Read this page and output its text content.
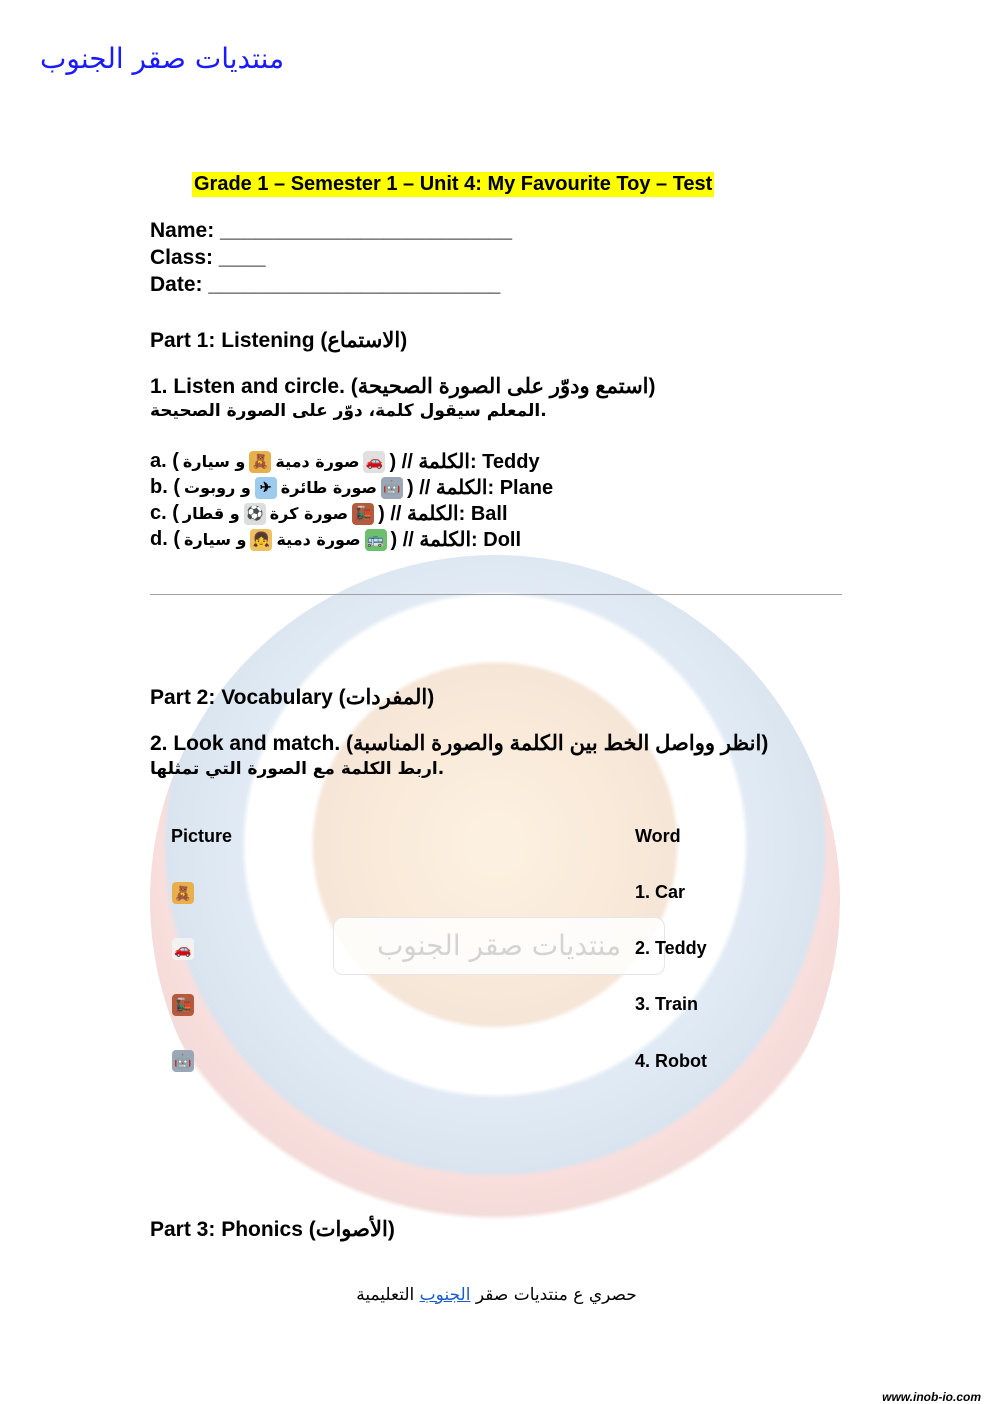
منتديات صقر الجنوب
منتديات صقر الجنوب
Grade 1 – Semester 1 – Unit 4: My Favourite Toy – Test
Name: _________________________
Class: ____
Date: _________________________
Part 1: Listening (الاستماع)
1. Listen and circle. (استمع ودوّر على الصورة الصحيحة)
المعلم سيقول كلمة، دوّر على الصورة الصحيحة.
a. ( و سيارة 🧸 صورة دمية 🚗 ) // الكلمة: Teddy
b. ( و روبوت ✈ صورة طائرة 🤖 ) // الكلمة: Plane
c. ( و قطار ⚽ صورة كرة 🚂 ) // الكلمة: Ball
d. ( و سيارة 👧 صورة دمية 🚌 ) // الكلمة: Doll
Part 2: Vocabulary (المفردات)
2. Look and match. (انظر وواصل الخط بين الكلمة والصورة المناسبة)
اربط الكلمة مع الصورة التي تمثلها.
Picture	Word
🧸
🚗
🚂
🤖
1. Car
2. Teddy
3. Train
4. Robot
Part 3: Phonics (الأصوات)
حصري ع منتديات صقر الجنوب التعليمية
www.inob-io.com
